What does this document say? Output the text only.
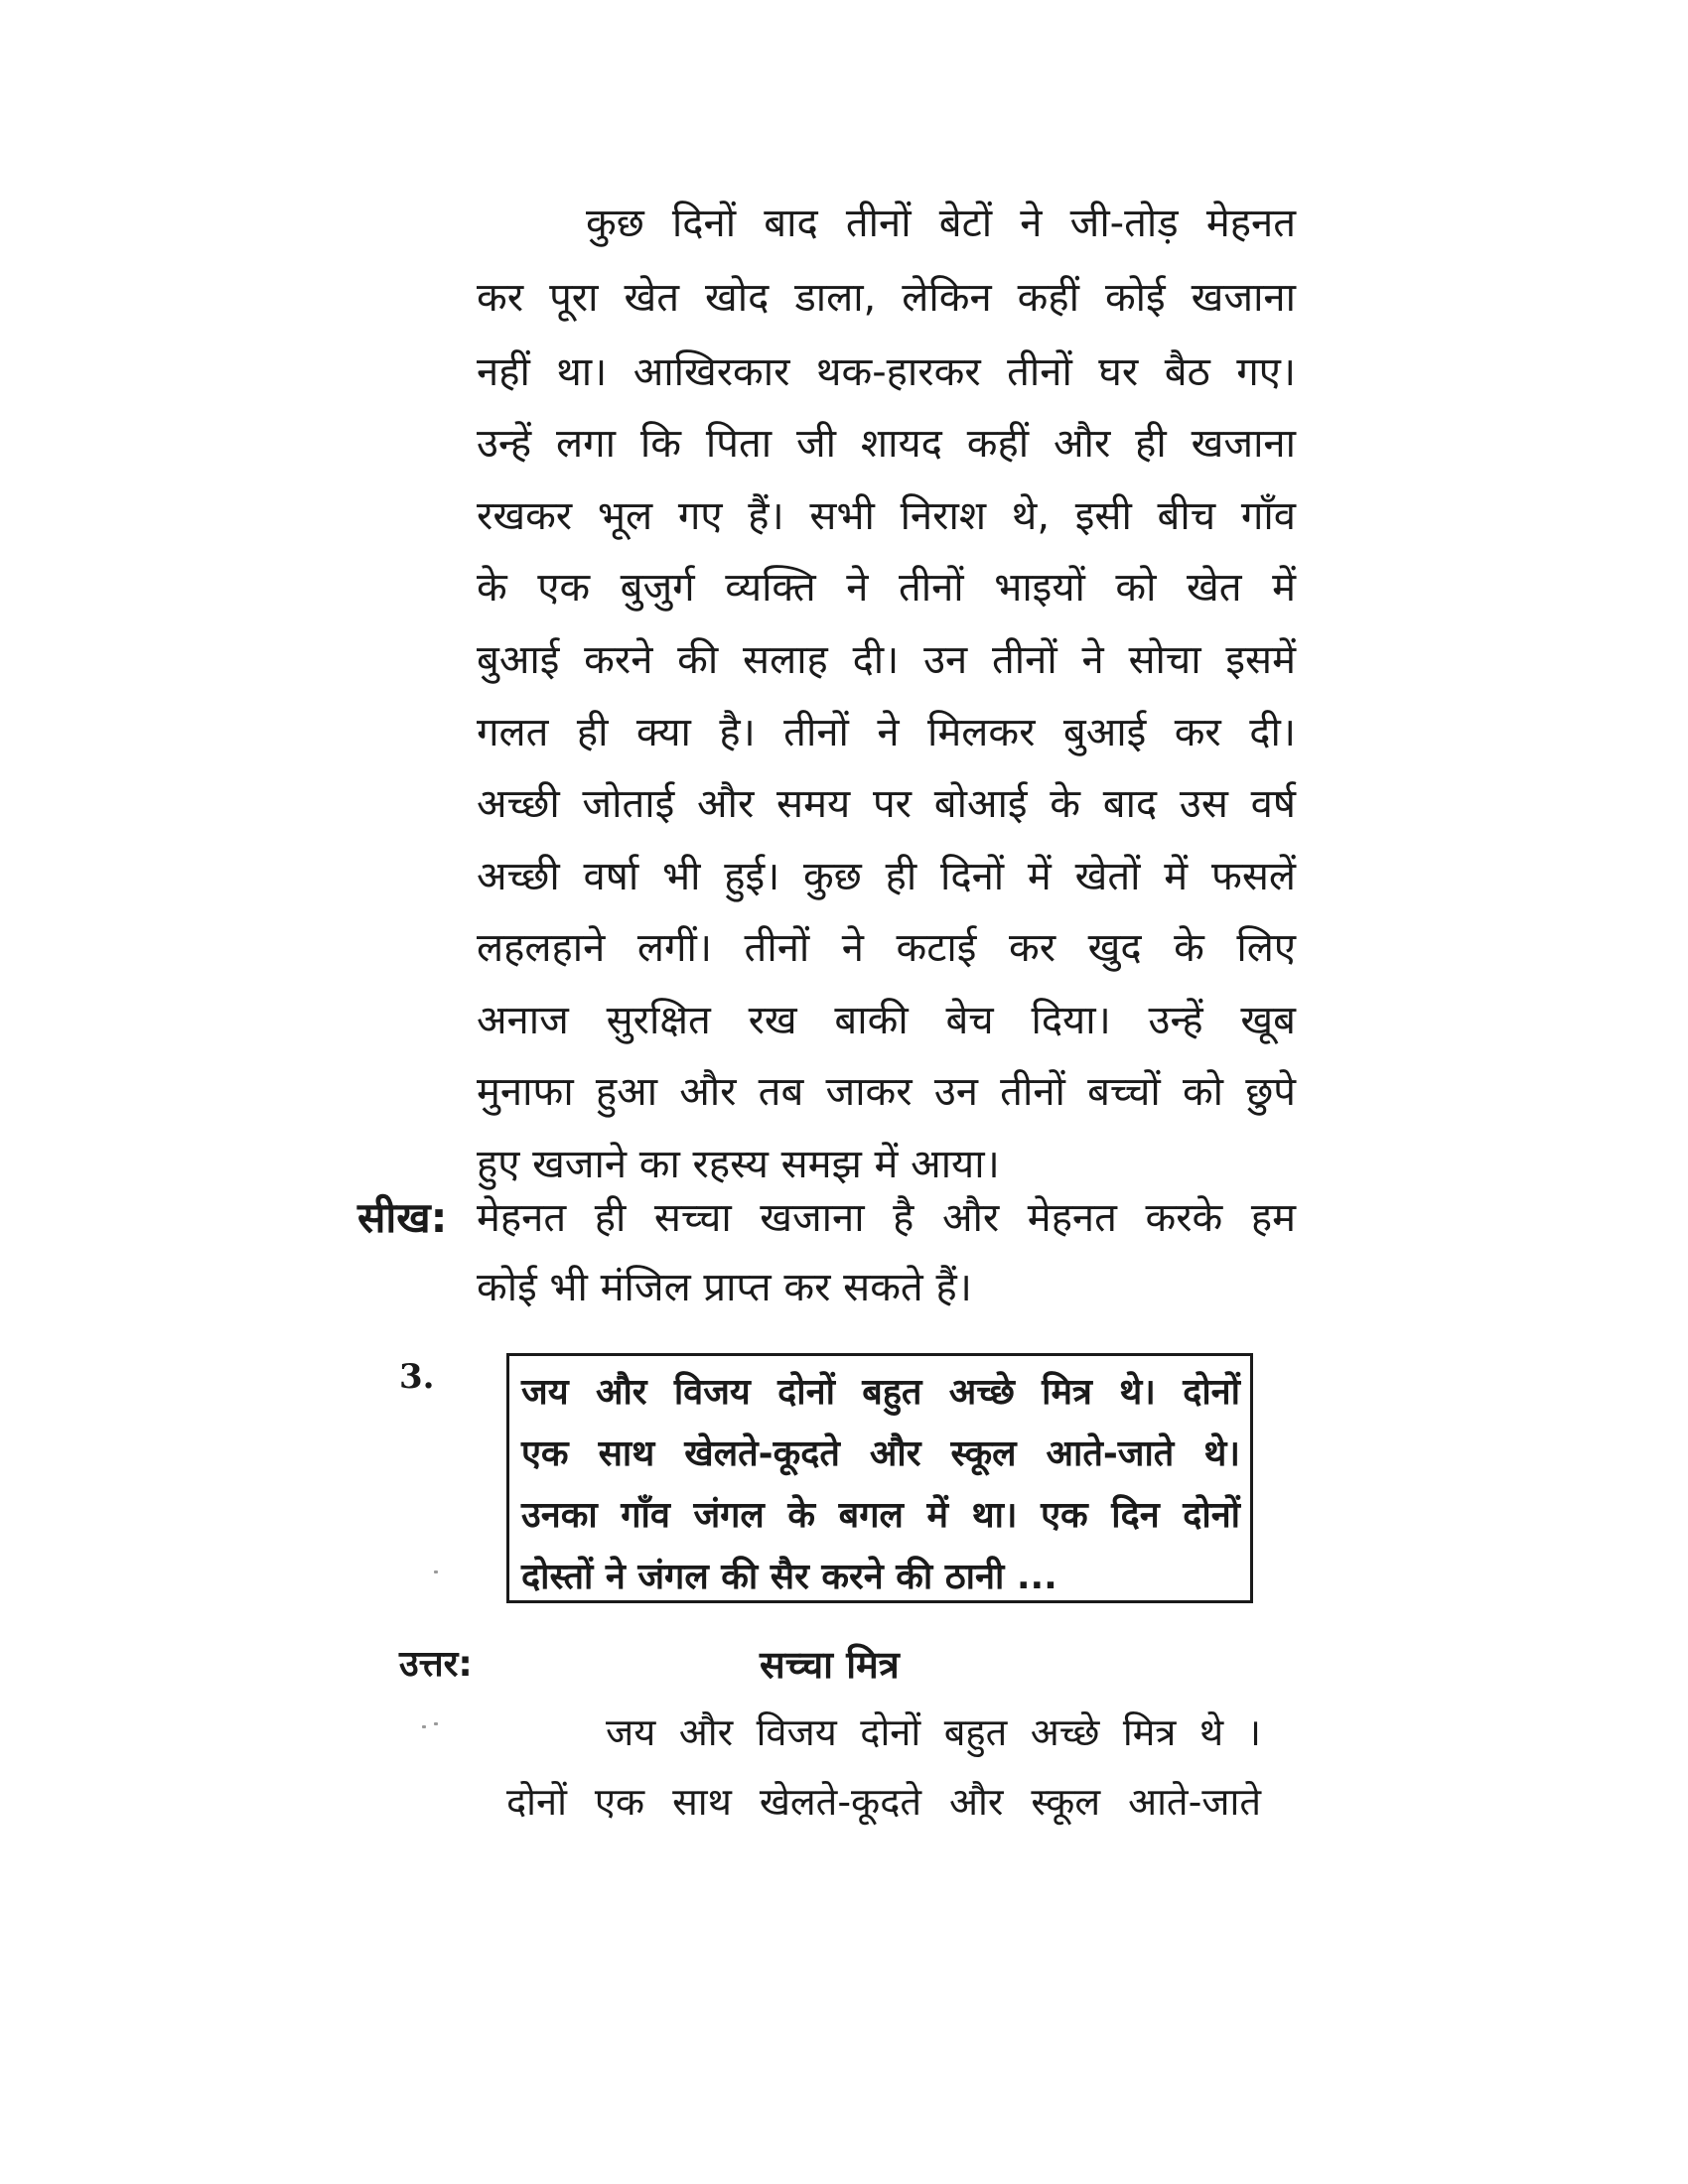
कुछ दिनों बाद तीनों बेटों ने जी-तोड़ मेहनत
कर पूरा खेत खोद डाला, लेकिन कहीं कोई खजाना
नहीं था। आखिरकार थक-हारकर तीनों घर बैठ गए।
उन्हें लगा कि पिता जी शायद कहीं और ही खजाना
रखकर भूल गए हैं। सभी निराश थे, इसी बीच गाँव
के एक बुजुर्ग व्यक्ति ने तीनों भाइयों को खेत में
बुआई करने की सलाह दी। उन तीनों ने सोचा इसमें
गलत ही क्या है। तीनों ने मिलकर बुआई कर दी।
अच्छी जोताई और समय पर बोआई के बाद उस वर्ष
अच्छी वर्षा भी हुई। कुछ ही दिनों में खेतों में फसलें
लहलहाने लगीं। तीनों ने कटाई कर खुद के लिए
अनाज सुरक्षित रख बाकी बेच दिया। उन्हें खूब
मुनाफा हुआ और तब जाकर उन तीनों बच्चों को छुपे
हुए खजाने का रहस्य समझ में आया।
सीख: मेहनत ही सच्चा खजाना है और मेहनत करके हम
कोई भी मंजिल प्राप्त कर सकते हैं।
3. जय और विजय दोनों बहुत अच्छे मित्र थे। दोनों
एक साथ खेलते-कूदते और स्कूल आते-जाते थे।
उनका गाँव जंगल के बगल में था। एक दिन दोनों
दोस्तों ने जंगल की सैर करने की ठानी ...
उत्तर:	सच्चा मित्र
जय और विजय दोनों बहुत अच्छे मित्र थे ।
दोनों एक साथ खेलते-कूदते और स्कूल आते-जाते
